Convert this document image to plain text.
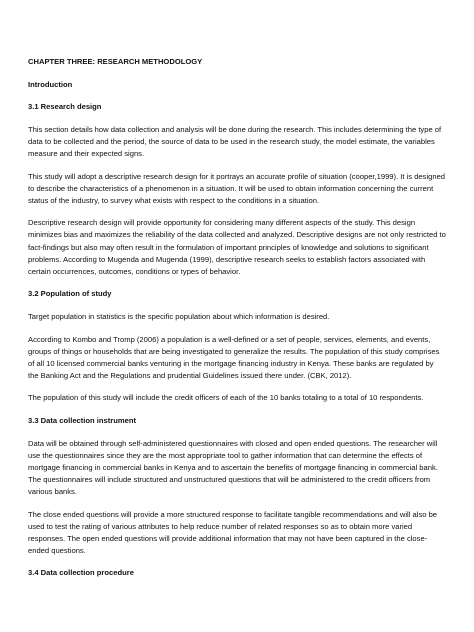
CHAPTER THREE: RESEARCH METHODOLOGY
Introduction
3.1 Research design
This section details how data collection and analysis will be done during the research. This includes determining the type of data to be collected and the period, the source of data to be used in the research study, the model estimate, the variables measure and their expected signs.
This study will adopt a descriptive research design for it portrays an accurate profile of situation (cooper,1999). It is designed to describe the characteristics of a phenomenon in a situation. It will be used to obtain information concerning the current status of the industry, to survey what exists with respect to the conditions in a situation.
Descriptive research design will provide opportunity for considering many different aspects of the study. This design minimizes bias and maximizes the reliability of the data collected and analyzed. Descriptive designs are not only restricted to fact-findings but also may often result in the formulation of important principles of knowledge and solutions to significant problems. According to Mugenda and Mugenda (1999), descriptive research seeks to establish factors associated with certain occurrences, outcomes, conditions or types of behavior.
3.2 Population of study
Target population in statistics is the specific population about which information is desired.
According to Kombo and Tromp (2006) a population is a well-defined or a set of people, services, elements, and events, groups of things or households that are being investigated to generalize the results. The population of this study comprises of all 10 licensed commercial banks venturing in the mortgage financing industry in Kenya. These banks are regulated by the Banking Act and the Regulations and prudential Guidelines issued there under. (CBK, 2012).
The population of this study will include the credit officers of each of the 10 banks totaling to a total of 10 respondents.
3.3 Data collection instrument
Data will be obtained through self-administered questionnaires with closed and open ended questions. The researcher will use the questionnaires since they are the most appropriate tool to gather information that can determine the effects of mortgage financing in commercial banks in Kenya and to ascertain the benefits of mortgage financing in commercial bank. The questionnaires will include structured and unstructured questions that will be administered to the credit officers from various banks.
The close ended questions will provide a more structured response to facilitate tangible recommendations and will also be used to test the rating of various attributes to help reduce number of related responses so as to obtain more varied responses. The open ended questions will provide additional information that may not have been captured in the close-ended questions.
3.4 Data collection procedure
